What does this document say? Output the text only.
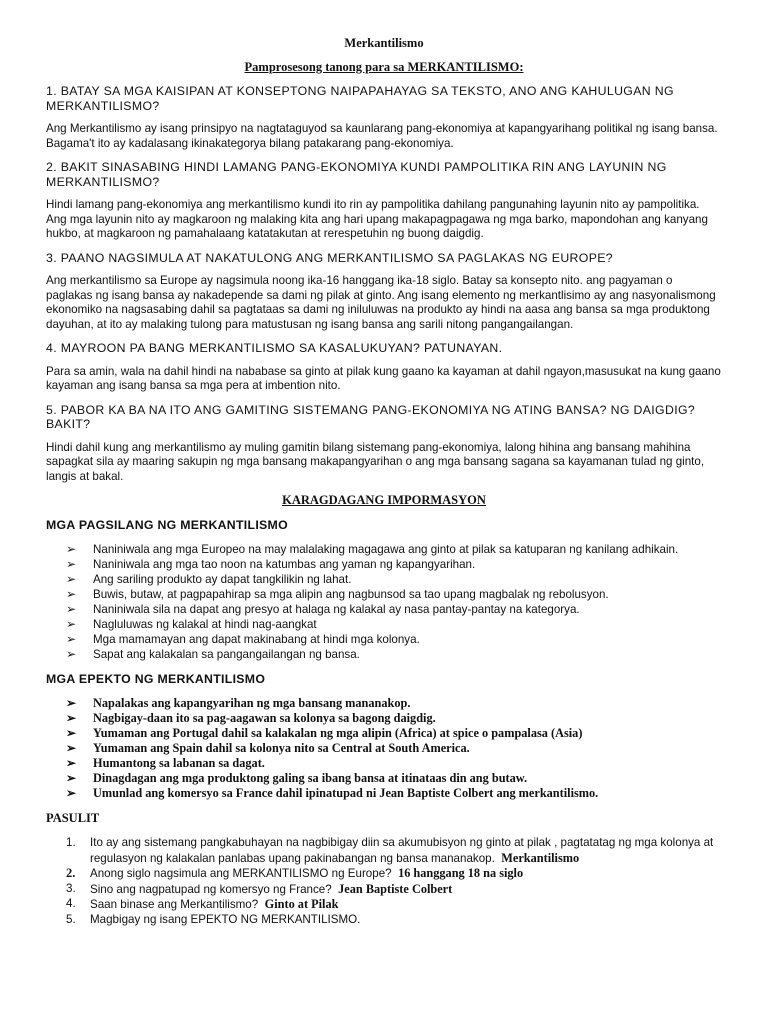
Merkantilismo
Pamprosesong tanong para sa MERKANTILISMO:

1. BATAY SA MGA KAISIPAN AT KONSEPTONG NAIPAPAHAYAG SA TEKSTO, ANO ANG KAHULUGAN NG MERKANTILISMO?

Ang Merkantilismo ay isang prinsipyo na nagtataguyod sa kaunlarang pang-ekonomiya at kapangyarihang politikal ng isang bansa. Bagama't ito ay kadalasang ikinakategorya bilang patakarang pang-ekonomiya.

2. BAKIT SINASABING HINDI LAMANG PANG-EKONOMIYA KUNDI PAMPOLITIKA RIN ANG LAYUNIN NG MERKANTILISMO?

Hindi lamang pang-ekonomiya ang merkantilismo kundi ito rin ay pampolitika dahilang pangunahing layunin nito ay pampolitika. Ang mga layunin nito ay magkaroon ng malaking kita ang hari upang makapagpagawa ng mga barko, mapondohan ang kanyang hukbo, at magkaroon ng pamahalaang katatakutan at rerespetuhin ng buong daigdig.

3. PAANO NAGSIMULA AT NAKATULONG ANG MERKANTILISMO SA PAGLAKAS NG EUROPE?

Ang merkantilismo sa Europe ay nagsimula noong ika-16 hanggang ika-18 siglo. Batay sa konsepto nito. ang pagyaman o paglakas ng isang bansa ay nakadepende sa dami ng pilak at ginto. Ang isang elemento ng merkantlisimo ay ang nasyonalismong ekonomiko na nagsasabing dahil sa pagtataas sa dami ng iniluluwas na produkto ay hindi na aasa ang bansa sa mga produktong dayuhan, at ito ay malaking tulong para matustusan ng isang bansa ang sarili nitong pangangailangan.

4. MAYROON PA BANG MERKANTILISMO SA KASALUKUYAN? PATUNAYAN.

Para sa amin, wala na dahil hindi na nababase sa ginto at pilak kung gaano ka kayaman at dahil ngayon,masusukat na kung gaano kayaman ang isang bansa sa mga pera at imbention nito.

5. PABOR KA BA NA ITO ANG GAMITING SISTEMANG PANG-EKONOMIYA NG ATING BANSA? NG DAIGDIG? BAKIT?

Hindi dahil kung ang merkantilismo ay muling gamitin bilang sistemang pang-ekonomiya, lalong hihina ang bansang mahihina sapagkat sila ay maaring sakupin ng mga bansang makapangyarihan o ang mga bansang sagana sa kayamanan tulad ng ginto, langis at bakal.

KARAGDAGANG IMPORMASYON
MGA PAGSILANG NG MERKANTILISMO
➢ Naniniwala ang mga Europeo na may malalaking magagawa ang ginto at pilak sa katuparan ng kanilang adhikain.
➢ Naniniwala ang mga tao noon na katumbas ang yaman ng kapangyarihan.
➢ Ang sariling produkto ay dapat tangkilikin ng lahat.
➢ Buwis, butaw, at pagpapahirap sa mga alipin ang nagbunsod sa tao upang magbalak ng rebolusyon.
➢ Naniniwala sila na dapat ang presyo at halaga ng kalakal ay nasa pantay-pantay na kategorya.
➢ Nagluluwas ng kalakal at hindi nag-aangkat
➢ Mga mamamayan ang dapat makinabang at hindi mga kolonya.
➢ Sapat ang kalakalan sa pangangailangan ng bansa.
MGA EPEKTO NG MERKANTILISMO
➢ Napalakas ang kapangyarihan ng mga bansang mananakop.
➢ Nagbigay-daan ito sa pag-aagawan sa kolonya sa bagong daigdig.
➢ Yumaman ang Portugal dahil sa kalakalan ng mga alipin (Africa) at spice o pampalasa (Asia)
➢ Yumaman ang Spain dahil sa kolonya nito sa Central at South America.
➢ Humantong sa labanan sa dagat.
➢ Dinagdagan ang mga produktong galing sa ibang bansa at itinataas din ang butaw.
➢ Umunlad ang komersyo sa France dahil ipinatupad ni Jean Baptiste Colbert ang merkantilismo.
PASULIT
1. Ito ay ang sistemang pangkabuhayan na nagbibigay diin sa akumubisyon ng ginto at pilak , pagtatatag ng mga kolonya at regulasyon ng kalakalan panlabas upang pakinabangan ng bansa mananakop. Merkantilismo
2. Anong siglo nagsimula ang MERKANTILISMO ng Europe? 16 hanggang 18 na siglo
3. Sino ang nagpatupad ng komersyo ng France? Jean Baptiste Colbert
4. Saan binase ang Merkantilismo? Ginto at Pilak
5. Magbigay ng isang EPEKTO NG MERKANTILISMO.
